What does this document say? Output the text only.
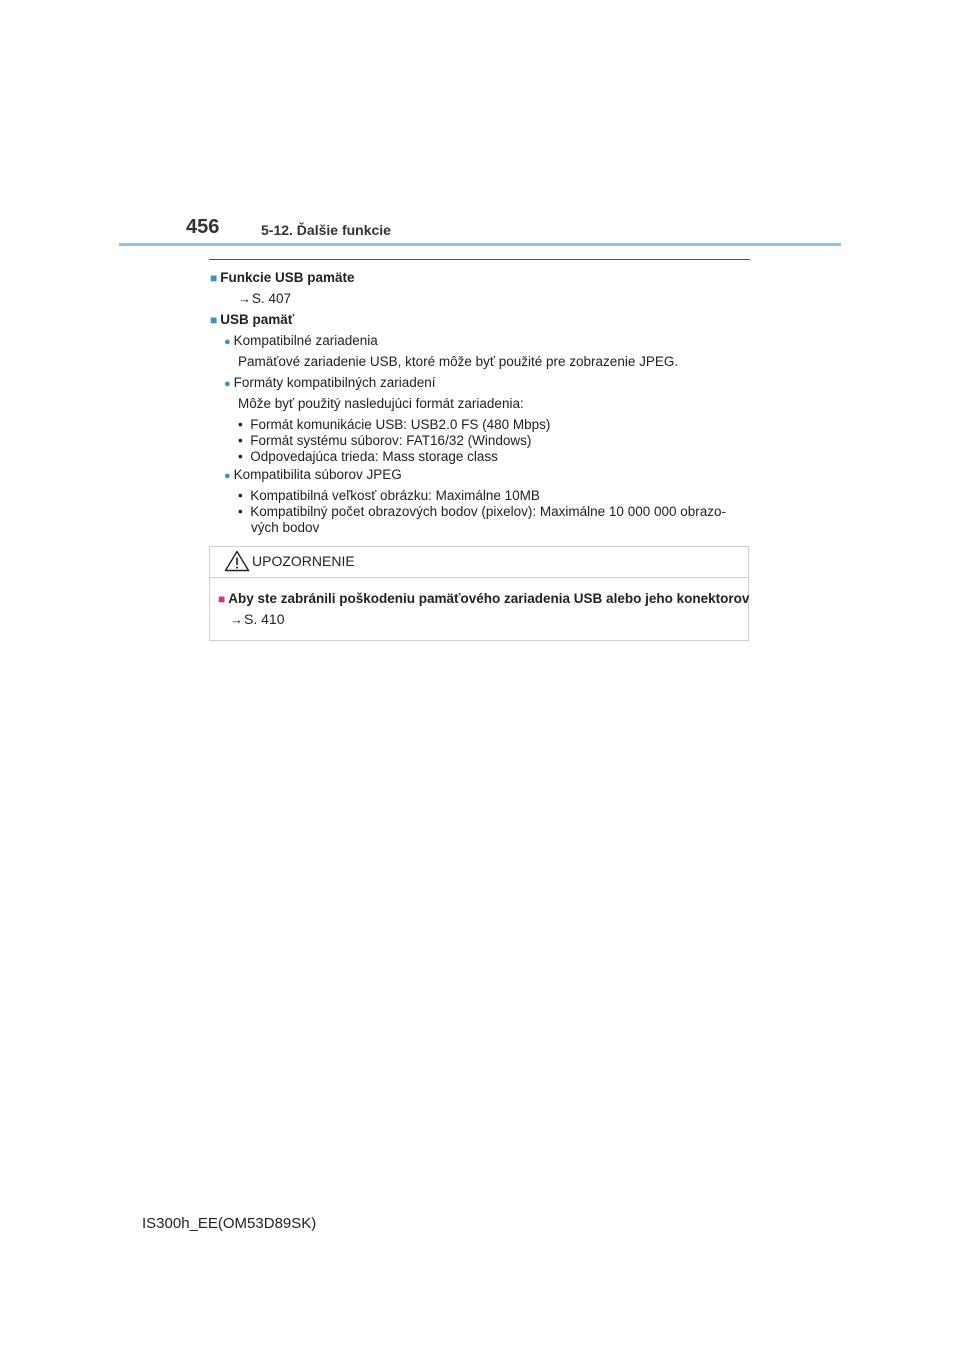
456	5-12. Ďalšie funkcie
■ Funkcie USB pamäte
→S. 407
■ USB pamäť
● Kompatibilné zariadenia
Pamäťové zariadenie USB, ktoré môže byť použité pre zobrazenie JPEG.
● Formáty kompatibilných zariadení
Môže byť použitý nasledujúci formát zariadenia:
• Formát komunikácie USB: USB2.0 FS (480 Mbps)
• Formát systému súborov: FAT16/32 (Windows)
• Odpovedajúca trieda: Mass storage class
● Kompatibilita súborov JPEG
• Kompatibilná veľkosť obrázku: Maximálne 10MB
• Kompatibilný počet obrazových bodov (pixelov): Maximálne 10 000 000 obrazo-
vých bodov
UPOZORNENIE
■ Aby ste zabránili poškodeniu pamäťového zariadenia USB alebo jeho konektorov
→S. 410
IS300h_EE(OM53D89SK)
